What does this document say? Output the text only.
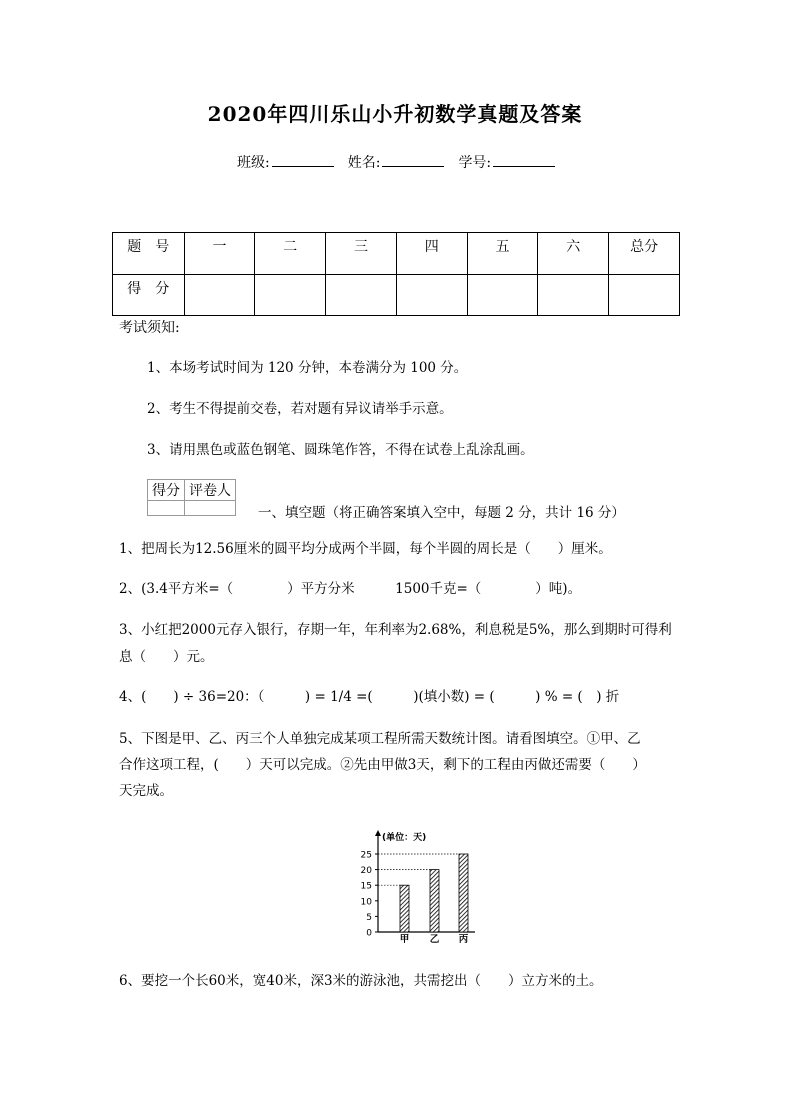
2020年四川乐山小升初数学真题及答案
班级:	姓名:	学号:
题　号	一	二	三	四	五	六	总分
得　分							
考试须知:
1、本场考试时间为 120 分钟，本卷满分为 100 分。
2、考生不得提前交卷，若对题有异议请举手示意。
3、请用黑色或蓝色钢笔、圆珠笔作答，不得在试卷上乱涂乱画。
得分	评卷人

一、填空题（将正确答案填入空中，每题 2 分，共计 16 分）
1、把周长为12.56厘米的圆平均分成两个半圆，每个半圆的周长是（　　）厘米。
2、(3.4平方米=（　　　　）平方分米　　　1500千克=（　　　　）吨)。
3、小红把2000元存入银行，存期一年，年利率为2.68%，利息税是5%，那么到期时可得利
息（　　）元。
4、(　　) ÷ 36=20：（　　　) = 1/4 =(　　　)(填小数) = (　　　) % = (　) 折
5、下图是甲、乙、丙三个人单独完成某项工程所需天数统计图。请看图填空。①甲、乙
合作这项工程，(　　）天可以完成。②先由甲做3天，剩下的工程由丙做还需要（　　）
天完成。
(单位：天)
0
5
10
15
20
25
甲 乙 丙
6、要挖一个长60米，宽40米，深3米的游泳池，共需挖出（　　）立方米的土。
